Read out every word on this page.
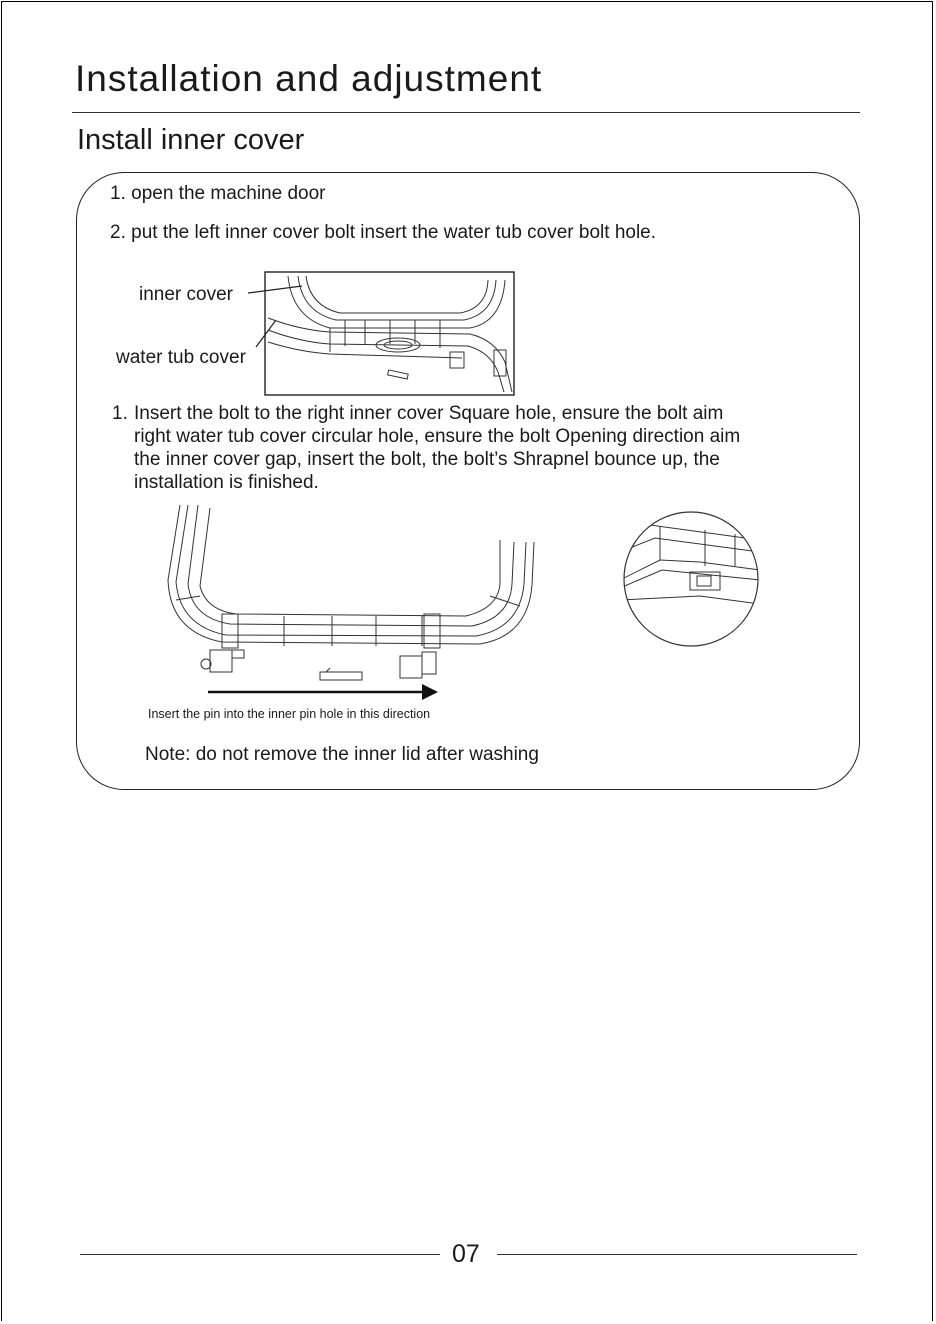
Installation and adjustment
Install inner cover
1. open the machine door
2. put the left inner cover bolt insert the water tub cover bolt hole.
inner cover
water tub cover
1. Insert the bolt to the right inner cover Square hole, ensure the bolt aim
right water tub cover circular hole, ensure the bolt Opening direction aim
the inner cover gap, insert the bolt, the bolt’s Shrapnel bounce up, the
installation is finished.
Insert the pin into the inner pin hole in this direction
Note: do not remove the inner lid after washing
07
